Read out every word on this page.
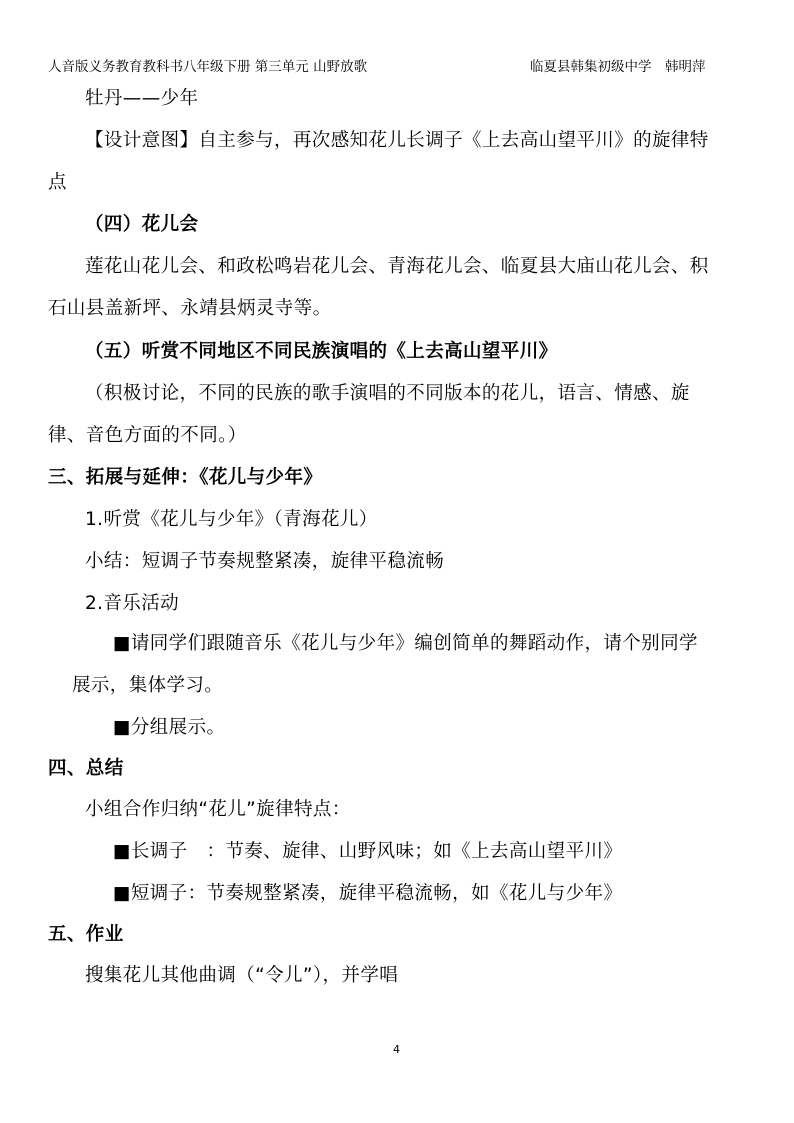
人音版义务教育教科书八年级下册 第三单元 山野放歌	临夏县韩集初级中学　韩明萍
牡丹——少年
【设计意图】自主参与，再次感知花儿长调子《上去高山望平川》的旋律特
点
（四）花儿会
莲花山花儿会、和政松鸣岩花儿会、青海花儿会、临夏县大庙山花儿会、积
石山县盖新坪、永靖县炳灵寺等。
（五）听赏不同地区不同民族演唱的《上去高山望平川》
（积极讨论，不同的民族的歌手演唱的不同版本的花儿，语言、情感、旋
律、音色方面的不同。）
三、拓展与延伸：《花儿与少年》
1.听赏《花儿与少年》（青海花儿）
小结：短调子节奏规整紧凑，旋律平稳流畅
2.音乐活动
■请同学们跟随音乐《花儿与少年》编创简单的舞蹈动作，请个别同学
展示，集体学习。
■分组展示。
四、总结
小组合作归纳“花儿”旋律特点：
■长调子　：节奏、旋律、山野风味；如《上去高山望平川》
■短调子：节奏规整紧凑，旋律平稳流畅，如《花儿与少年》
五、作业
搜集花儿其他曲调（“令儿”），并学唱
4
